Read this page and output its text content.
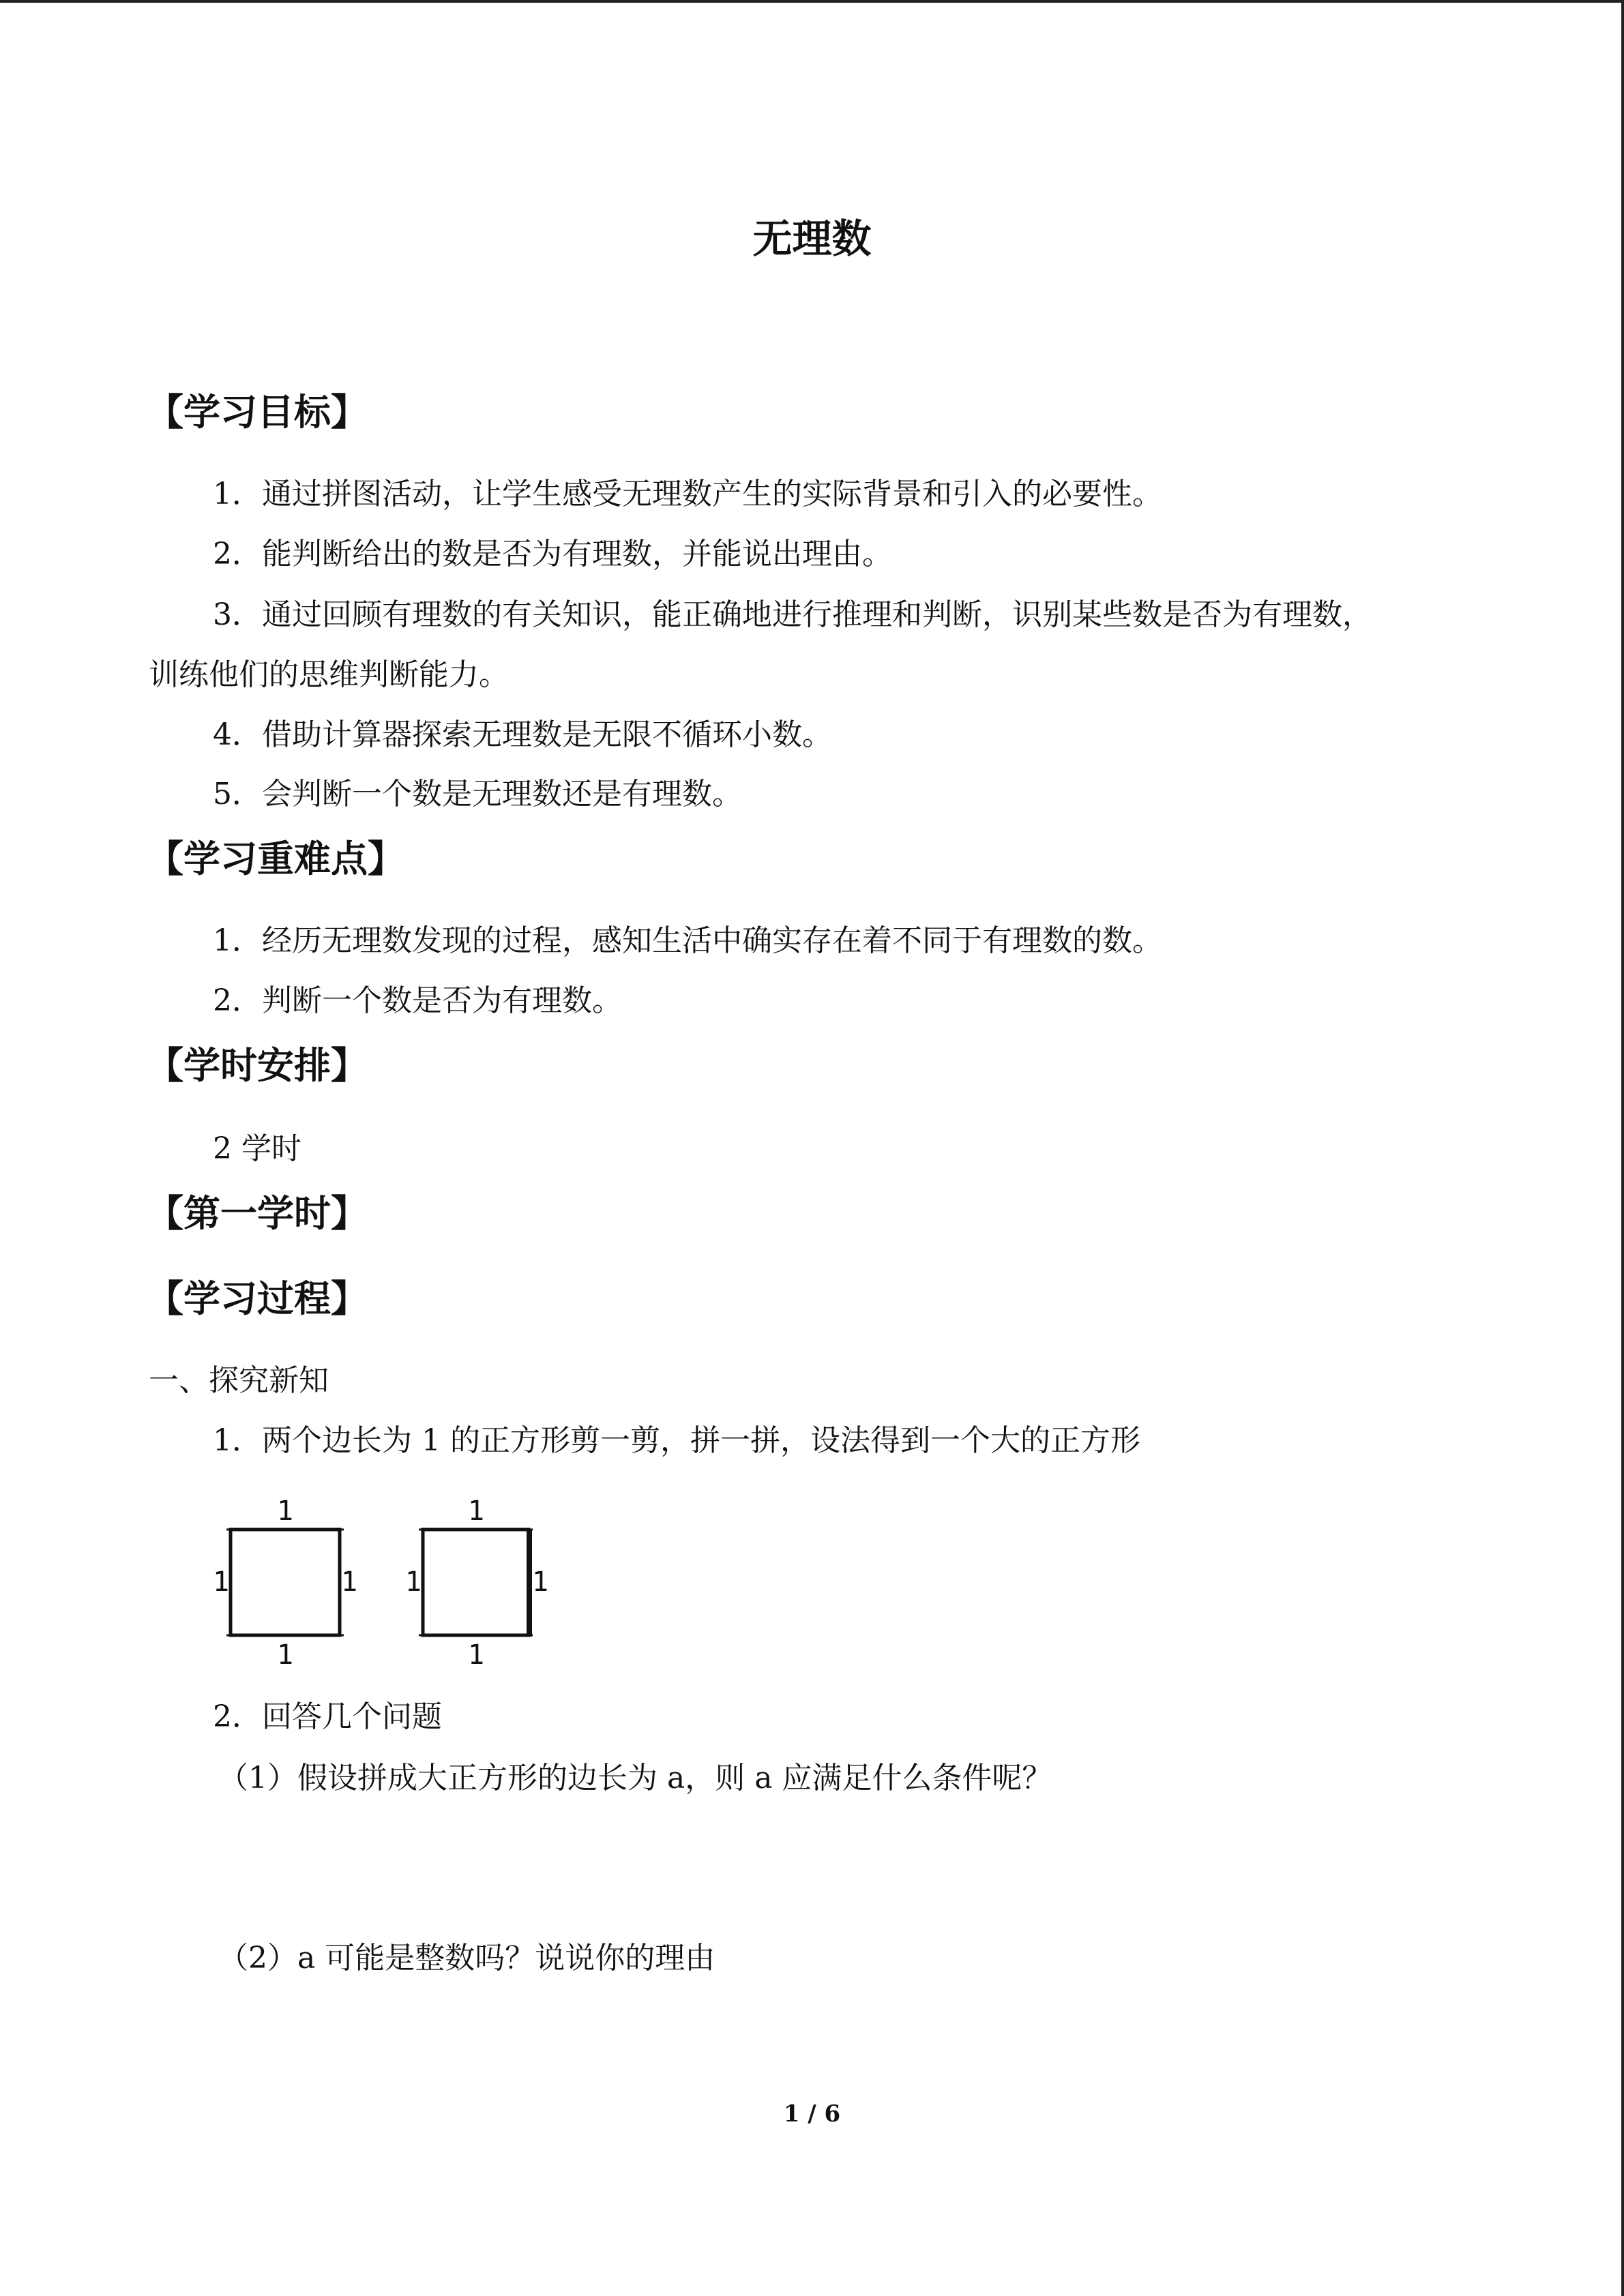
无理数
【学习目标】
1．通过拼图活动，让学生感受无理数产生的实际背景和引入的必要性。
2．能判断给出的数是否为有理数，并能说出理由。
3．通过回顾有理数的有关知识，能正确地进行推理和判断，识别某些数是否为有理数，
训练他们的思维判断能力。
4．借助计算器探索无理数是无限不循环小数。
5．会判断一个数是无理数还是有理数。
【学习重难点】
1．经历无理数发现的过程，感知生活中确实存在着不同于有理数的数。
2．判断一个数是否为有理数。
【学时安排】
2 学时
【第一学时】
【学习过程】
一、探究新知
1．两个边长为 1 的正方形剪一剪，拼一拼，设法得到一个大的正方形
1
1	1
1
1
1	1
1
2．回答几个问题
（1）假设拼成大正方形的边长为 a，则 a 应满足什么条件呢？
（2）a 可能是整数吗？说说你的理由
1 / 6
